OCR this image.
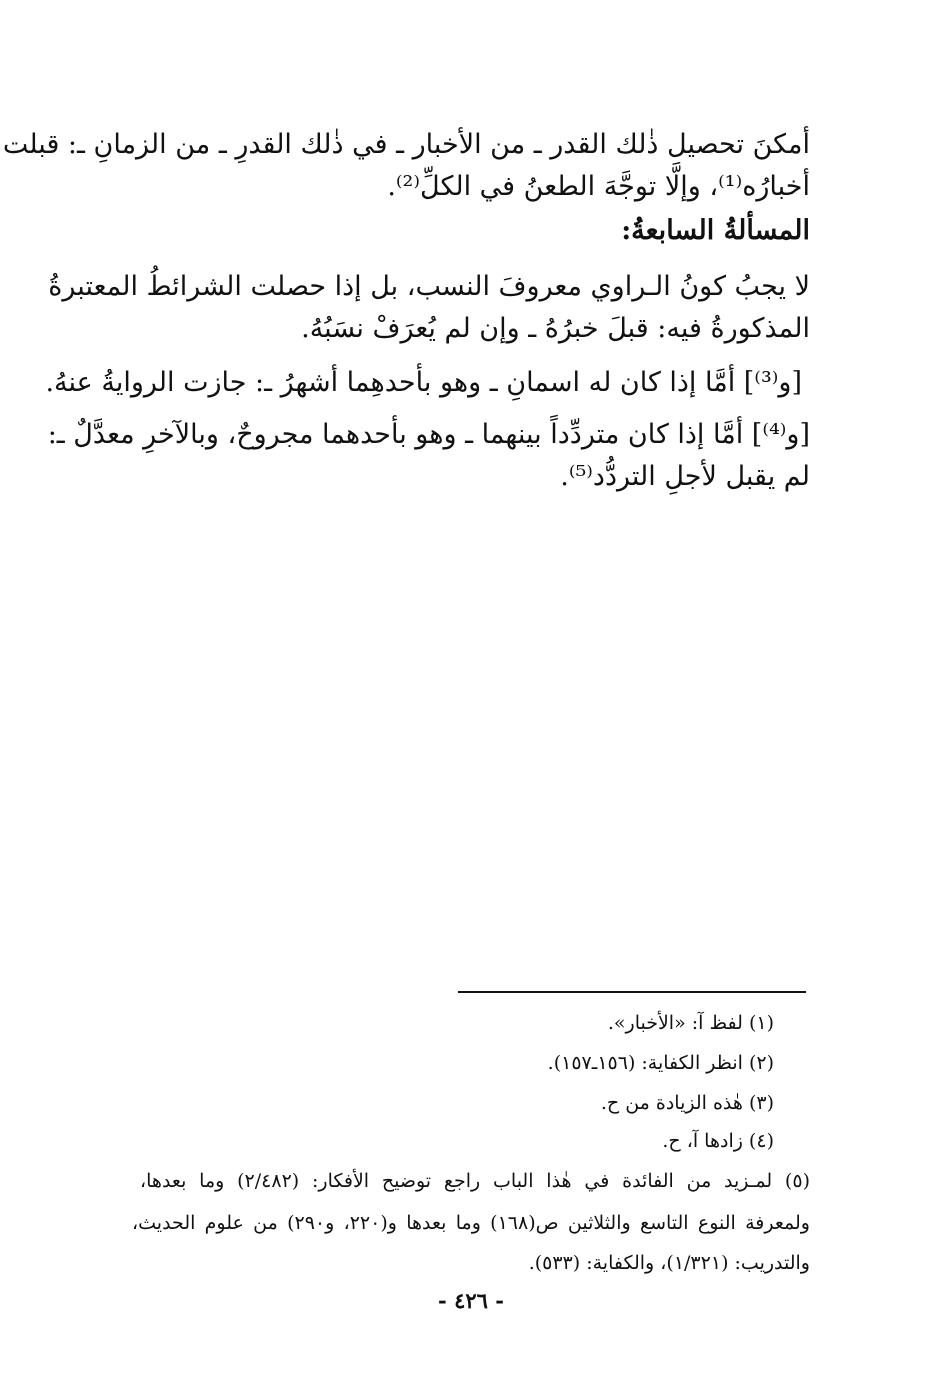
أمكنَ تحصيل ذٰلك القدر ـ من الأخبار ـ في ذٰلك القدرِ ـ من الزمانِ ـ: قبلت
أخبارُه⁽¹⁾، وإلَّا توجَّهَ الطعنُ في الكلِّ⁽²⁾.
المسألةُ السابعةُ:
لا يجبُ كونُ الـراوي معروفَ النسب، بل إذا حصلت الشرائطُ المعتبرةُ
المذكورةُ فيه: قبلَ خبرُهُ ـ وإن لم يُعرَفْ نسَبُهُ.
[و⁽³⁾] أمَّا إذا كان له اسمانِ ـ وهو بأحدهِما أشهرُ ـ: جازت الروايةُ عنهُ.
[و⁽⁴⁾] أمَّا إذا كان متردِّداً بينهما ـ وهو بأحدهما مجروحٌ، وبالآخرِ معدَّلٌ ـ:
لم يقبل لأجلِ التردُّد⁽⁵⁾.
(١) لفظ آ: «الأخبار».
(٢) انظر الكفاية: (١٥٦ـ١٥٧).
(٣) هٰذه الزيادة من ح.
(٤) زادها آ، ح.
(٥) لمـزيد من الفائدة في هٰذا الباب راجع توضيح الأفكار: (٢/٤٨٢) وما بعدها،
ولمعرفة النوع التاسع والثلاثين ص(١٦٨) وما بعدها و(٢٢٠، و٢٩٠) من علوم الحديث،
والتدريب: (١/٣٢١)، والكفاية: (٥٣٣).
- ٤٢٦ -
